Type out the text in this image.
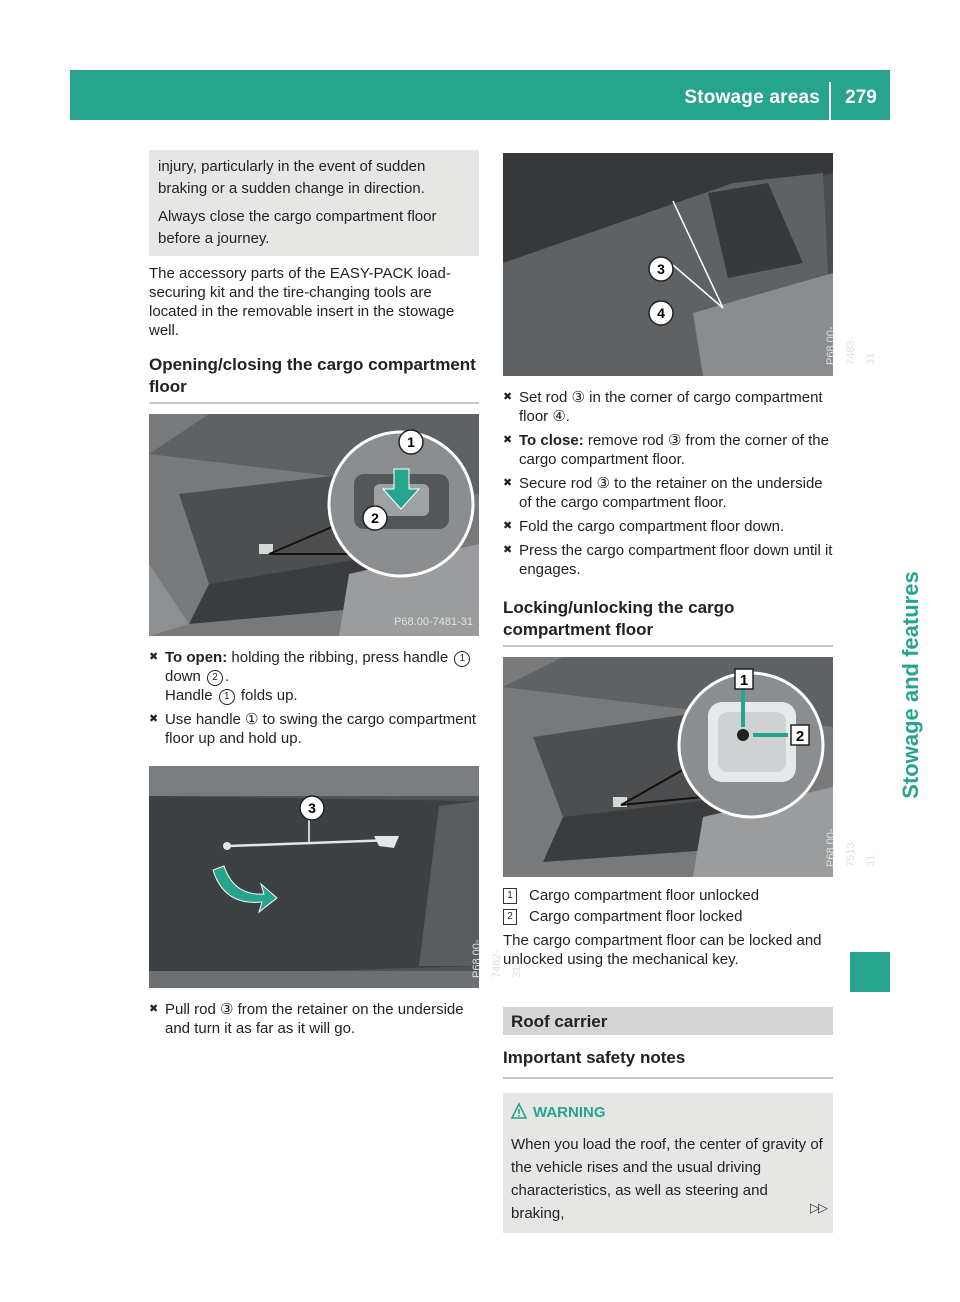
Stowage areas	279
Stowage and features

injury, particularly in the event of sudden braking or a sudden change in direction.

Always close the cargo compartment floor before a journey.

The accessory parts of the EASY-PACK load-securing kit and the tire-changing tools are located in the removable insert in the stowage well.

Opening/closing the cargo compartment floor
1
2
P68.00-7481-31
✖ To open: holding the ribbing, press handle 1 down 2 .
Handle 1 folds up.
✖ Use handle ① to swing the cargo compartment floor up and hold up.
3
P68.00-7482-31
✖ Pull rod ③ from the retainer on the underside and turn it as far as it will go.
3
4
P68.00-7483-31
✖ Set rod ③ in the corner of cargo compartment floor ④.
✖ To close: remove rod ③ from the corner of the cargo compartment floor.
✖ Secure rod ③ to the retainer on the underside of the cargo compartment floor.
✖ Fold the cargo compartment floor down.
✖ Press the cargo compartment floor down until it engages.
Locking/unlocking the cargo compartment floor
1
2
P68.00-7513-31
1 Cargo compartment floor unlocked
2 Cargo compartment floor locked

The cargo compartment floor can be locked and unlocked using the mechanical key.

Roof carrier
Important safety notes
WARNING

When you load the roof, the center of gravity of the vehicle rises and the usual driving characteristics, as well as steering and braking,	▷▷
